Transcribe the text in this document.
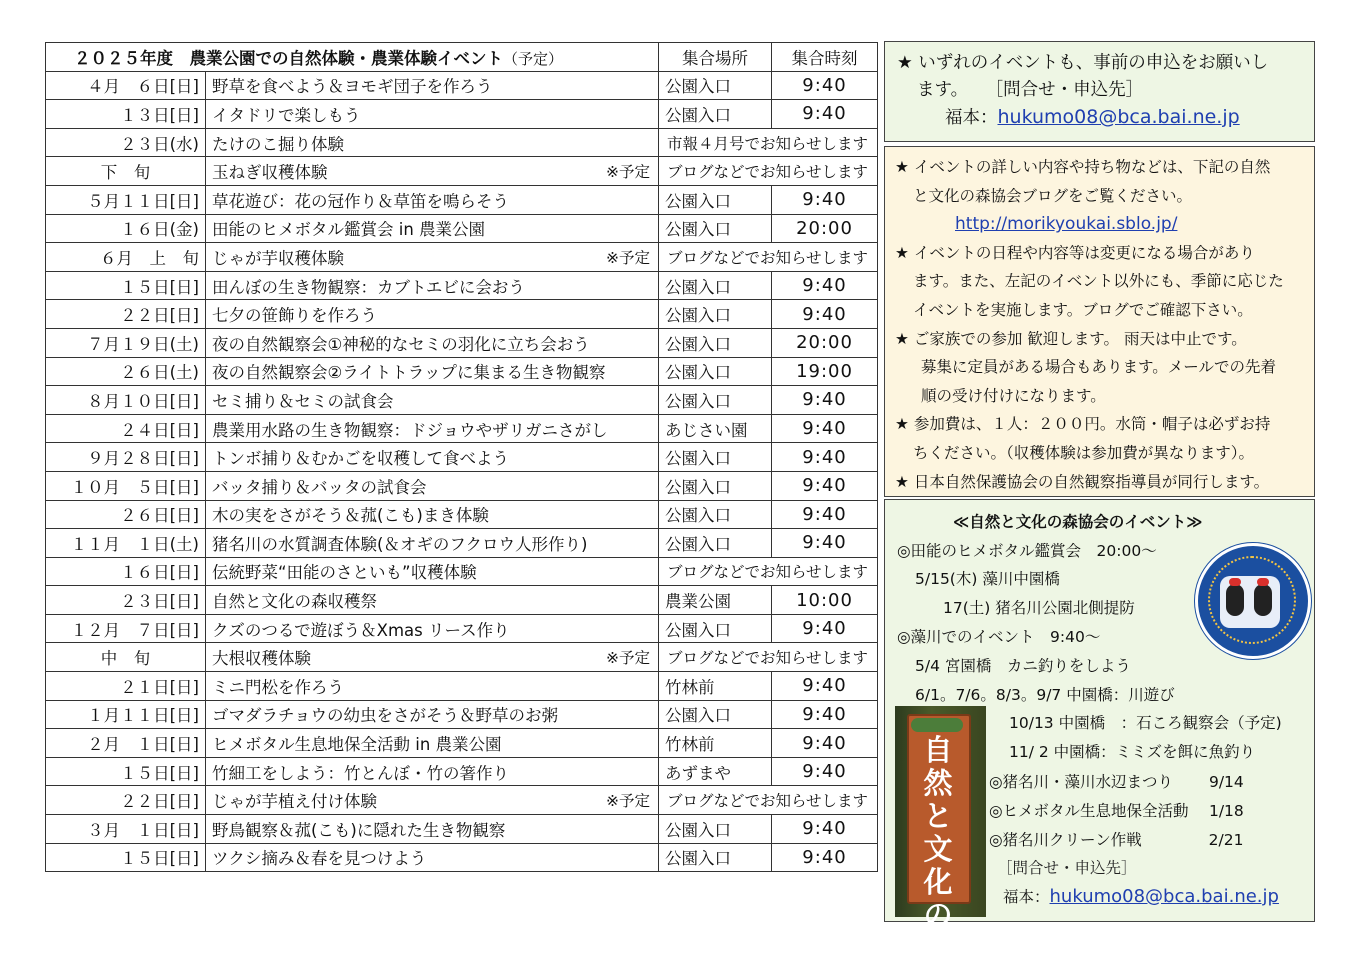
２０２５年度　農業公園での自然体験・農業体験イベント（予定）		集合場所	集合時刻
４月　６日[日]	野草を食べよう＆ヨモギ団子を作ろう	公園入口	9:40
１３日[日]	イタドリで楽しもう	公園入口	9:40
２３日(水)	たけのこ掘り体験	市報４月号でお知らせします	
下　旬	玉ねぎ収穫体験 ※予定	ブログなどでお知らせします	
５月１１日[日]	草花遊び：花の冠作り＆草笛を鳴らそう	公園入口	9:40
１６日(金)	田能のヒメボタル鑑賞会 in 農業公園	公園入口	20:00
６月　上　旬	じゃが芋収穫体験 ※予定	ブログなどでお知らせします	
１５日[日]	田んぼの生き物観察：カブトエビに会おう	公園入口	9:40
２２日[日]	七夕の笹飾りを作ろう	公園入口	9:40
７月１９日(土)	夜の自然観察会①神秘的なセミの羽化に立ち会おう	公園入口	20:00
２６日(土)	夜の自然観察会②ライトトラップに集まる生き物観察	公園入口	19:00
８月１０日[日]	セミ捕り＆セミの試食会	公園入口	9:40
２４日[日]	農業用水路の生き物観察：ドジョウやザリガニさがし	あじさい園	9:40
９月２８日[日]	トンボ捕り＆むかごを収穫して食べよう	公園入口	9:40
１０月　５日[日]	バッタ捕り＆バッタの試食会	公園入口	9:40
２６日[日]	木の実をさがそう＆菰(こも)まき体験	公園入口	9:40
１１月　１日(土)	猪名川の水質調査体験(＆オギのフクロウ人形作り)	公園入口	9:40
１６日[日]	伝統野菜“田能のさといも”収穫体験	ブログなどでお知らせします	
２３日[日]	自然と文化の森収穫祭	農業公園	10:00
１２月　７日[日]	クズのつるで遊ぼう＆Xmas リース作り	公園入口	9:40
中　旬	大根収穫体験 ※予定	ブログなどでお知らせします	
２１日[日]	ミニ門松を作ろう	竹林前	9:40
１月１１日[日]	ゴマダラチョウの幼虫をさがそう＆野草のお粥	公園入口	9:40
２月　１日[日]	ヒメボタル生息地保全活動 in 農業公園	竹林前	9:40
１５日[日]	竹細工をしよう：竹とんぼ・竹の箸作り	あずまや	9:40
２２日[日]	じゃが芋植え付け体験 ※予定	ブログなどでお知らせします	
３月　１日[日]	野鳥観察＆菰(こも)に隠れた生き物観察	公園入口	9:40
１５日[日]	ツクシ摘み＆春を見つけよう	公園入口	9:40
★ いずれのイベントも、事前の申込をお願いし
ます。　　［問合せ・申込先］
福本：hukumo08@bca.bai.ne.jp
★ イベントの詳しい内容や持ち物などは、下記の自然
と文化の森協会ブログをご覧ください。
http://morikyoukai.sblo.jp/
★ イベントの日程や内容等は変更になる場合があり
ます。また、左記のイベント以外にも、季節に応じた
イベントを実施します。ブログでご確認下さい。
★ ご家族での参加 歓迎します。 雨天は中止です。
募集に定員がある場合もあります。メールでの先着
順の受け付けになります。
★ 参加費は、１人：２００円。水筒・帽子は必ずお持
ちください。（収穫体験は参加費が異なります）。
★ 日本自然保護協会の自然観察指導員が同行します。
≪自然と文化の森協会のイベント≫
◎田能のヒメボタル鑑賞会　20:00～
5/15(木) 藻川中園橋
17(土) 猪名川公園北側提防
◎藻川でのイベント　9:40～
5/4 宮園橋　カニ釣りをしよう
6/1。7/6。8/3。9/7 中園橋：川遊び
10/13 中園橋　：石ころ観察会（予定)
11/ 2 中園橋：ミミズを餌に魚釣り
◎猪名川・藻川水辺まつり　　 9/14
◎ヒメボタル生息地保全活動　 1/18
◎猪名川クリーン作戦　　　　 2/21
［問合せ・申込先］
福本：hukumo08@bca.bai.ne.jp
自然と文化の森
